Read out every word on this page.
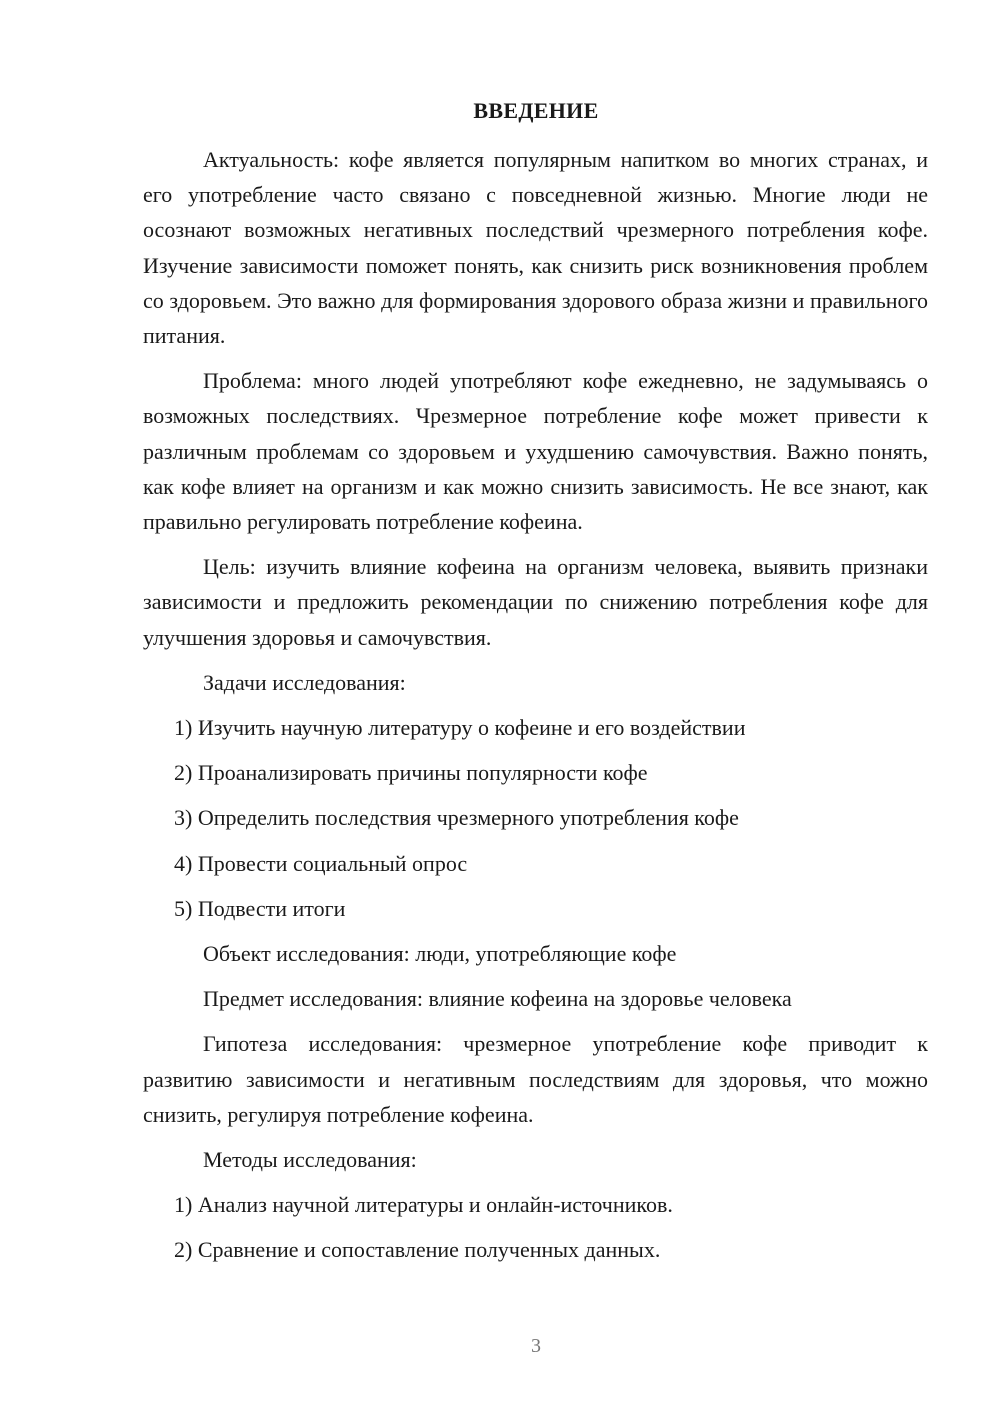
ВВЕДЕНИЕ

Актуальность: кофе является популярным напитком во многих странах, и его употребление часто связано с повседневной жизнью. Многие люди не осознают возможных негативных последствий чрезмерного потребления кофе. Изучение зависимости поможет понять, как снизить риск возникновения проблем со здоровьем. Это важно для формирования здорового образа жизни и правильного питания.

Проблема: много людей употребляют кофе ежедневно, не задумываясь о возможных последствиях. Чрезмерное потребление кофе может привести к различным проблемам со здоровьем и ухудшению самочувствия. Важно понять, как кофе влияет на организм и как можно снизить зависимость. Не все знают, как правильно регулировать потребление кофеина.

Цель: изучить влияние кофеина на организм человека, выявить признаки зависимости и предложить рекомендации по снижению потребления кофе для улучшения здоровья и самочувствия.

Задачи исследования:

1) Изучить научную литературу о кофеине и его воздействии

2) Проанализировать причины популярности кофе

3) Определить последствия чрезмерного употребления кофе

4) Провести социальный опрос

5) Подвести итоги

Объект исследования: люди, употребляющие кофе

Предмет исследования: влияние кофеина на здоровье человека

Гипотеза исследования: чрезмерное употребление кофе приводит к развитию зависимости и негативным последствиям для здоровья, что можно снизить, регулируя потребление кофеина.

Методы исследования:

1) Анализ научной литературы и онлайн-источников.

2) Сравнение и сопоставление полученных данных.

3
